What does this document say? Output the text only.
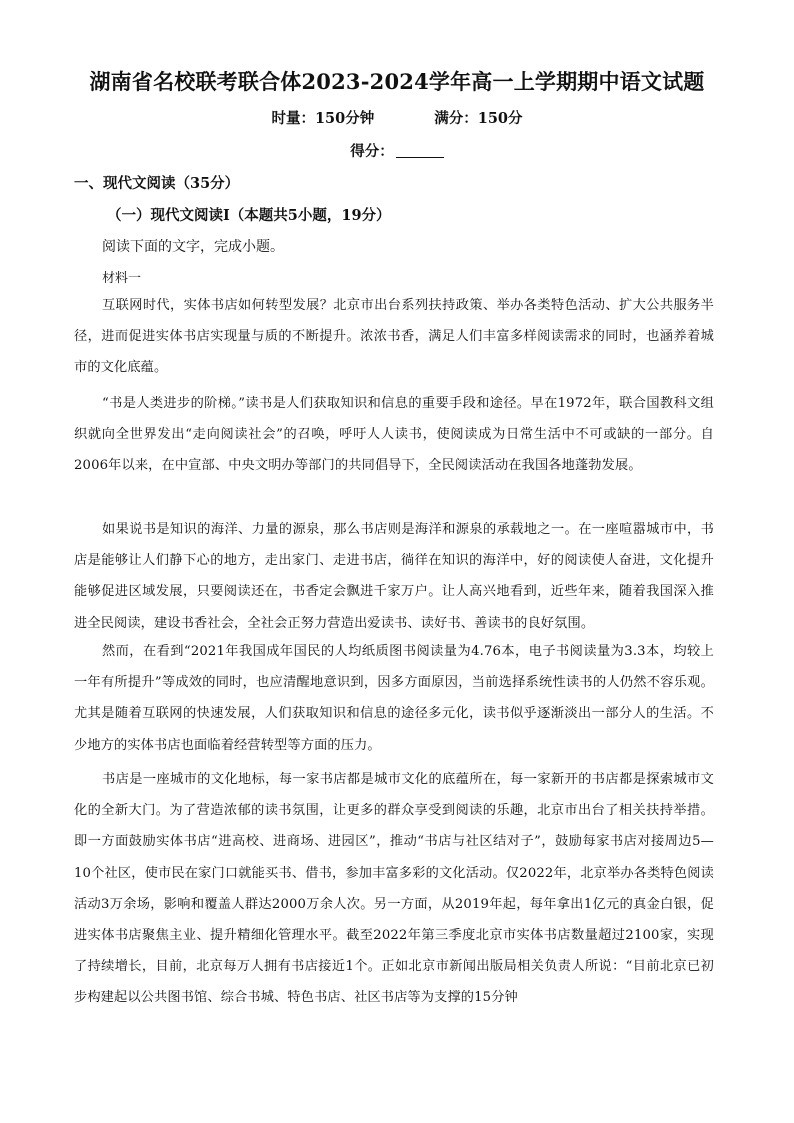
湖南省名校联考联合体2023-2024学年高一上学期期中语文试题
时量：150分钟	满分：150分
得分：
一、现代文阅读（35分）
（一）现代文阅读Ⅰ（本题共5小题，19分）
阅读下面的文字，完成小题。
材料一

互联网时代，实体书店如何转型发展？北京市出台系列扶持政策、举办各类特色活动、扩大公共服务半径，进而促进实体书店实现量与质的不断提升。浓浓书香，满足人们丰富多样阅读需求的同时，也涵养着城市的文化底蕴。

“书是人类进步的阶梯。”读书是人们获取知识和信息的重要手段和途径。早在1972年，联合国教科文组织就向全世界发出“走向阅读社会”的召唤，呼吁人人读书，使阅读成为日常生活中不可或缺的一部分。自2006年以来，在中宣部、中央文明办等部门的共同倡导下，全民阅读活动在我国各地蓬勃发展。

如果说书是知识的海洋、力量的源泉，那么书店则是海洋和源泉的承载地之一。在一座喧嚣城市中，书店是能够让人们静下心的地方，走出家门、走进书店，徜徉在知识的海洋中，好的阅读使人奋进，文化提升能够促进区域发展，只要阅读还在，书香定会飘进千家万户。让人高兴地看到，近些年来，随着我国深入推进全民阅读，建设书香社会，全社会正努力营造出爱读书、读好书、善读书的良好氛围。

然而，在看到“2021年我国成年国民的人均纸质图书阅读量为4.76本，电子书阅读量为3.3本，均较上一年有所提升”等成效的同时，也应清醒地意识到，因多方面原因，当前选择系统性读书的人仍然不容乐观。尤其是随着互联网的快速发展，人们获取知识和信息的途径多元化，读书似乎逐渐淡出一部分人的生活。不少地方的实体书店也面临着经营转型等方面的压力。

书店是一座城市的文化地标，每一家书店都是城市文化的底蕴所在，每一家新开的书店都是探索城市文化的全新大门。为了营造浓郁的读书氛围，让更多的群众享受到阅读的乐趣，北京市出台了相关扶持举措。即一方面鼓励实体书店“进高校、进商场、进园区”，推动“书店与社区结对子”，鼓励每家书店对接周边5—10个社区，使市民在家门口就能买书、借书，参加丰富多彩的文化活动。仅2022年，北京举办各类特色阅读活动3万余场，影响和覆盖人群达2000万余人次。另一方面，从2019年起，每年拿出1亿元的真金白银，促进实体书店聚焦主业、提升精细化管理水平。截至2022年第三季度北京市实体书店数量超过2100家，实现了持续增长，目前，北京每万人拥有书店接近1个。正如北京市新闻出版局相关负责人所说：“目前北京已初步构建起以公共图书馆、综合书城、特色书店、社区书店等为支撑的15分钟
